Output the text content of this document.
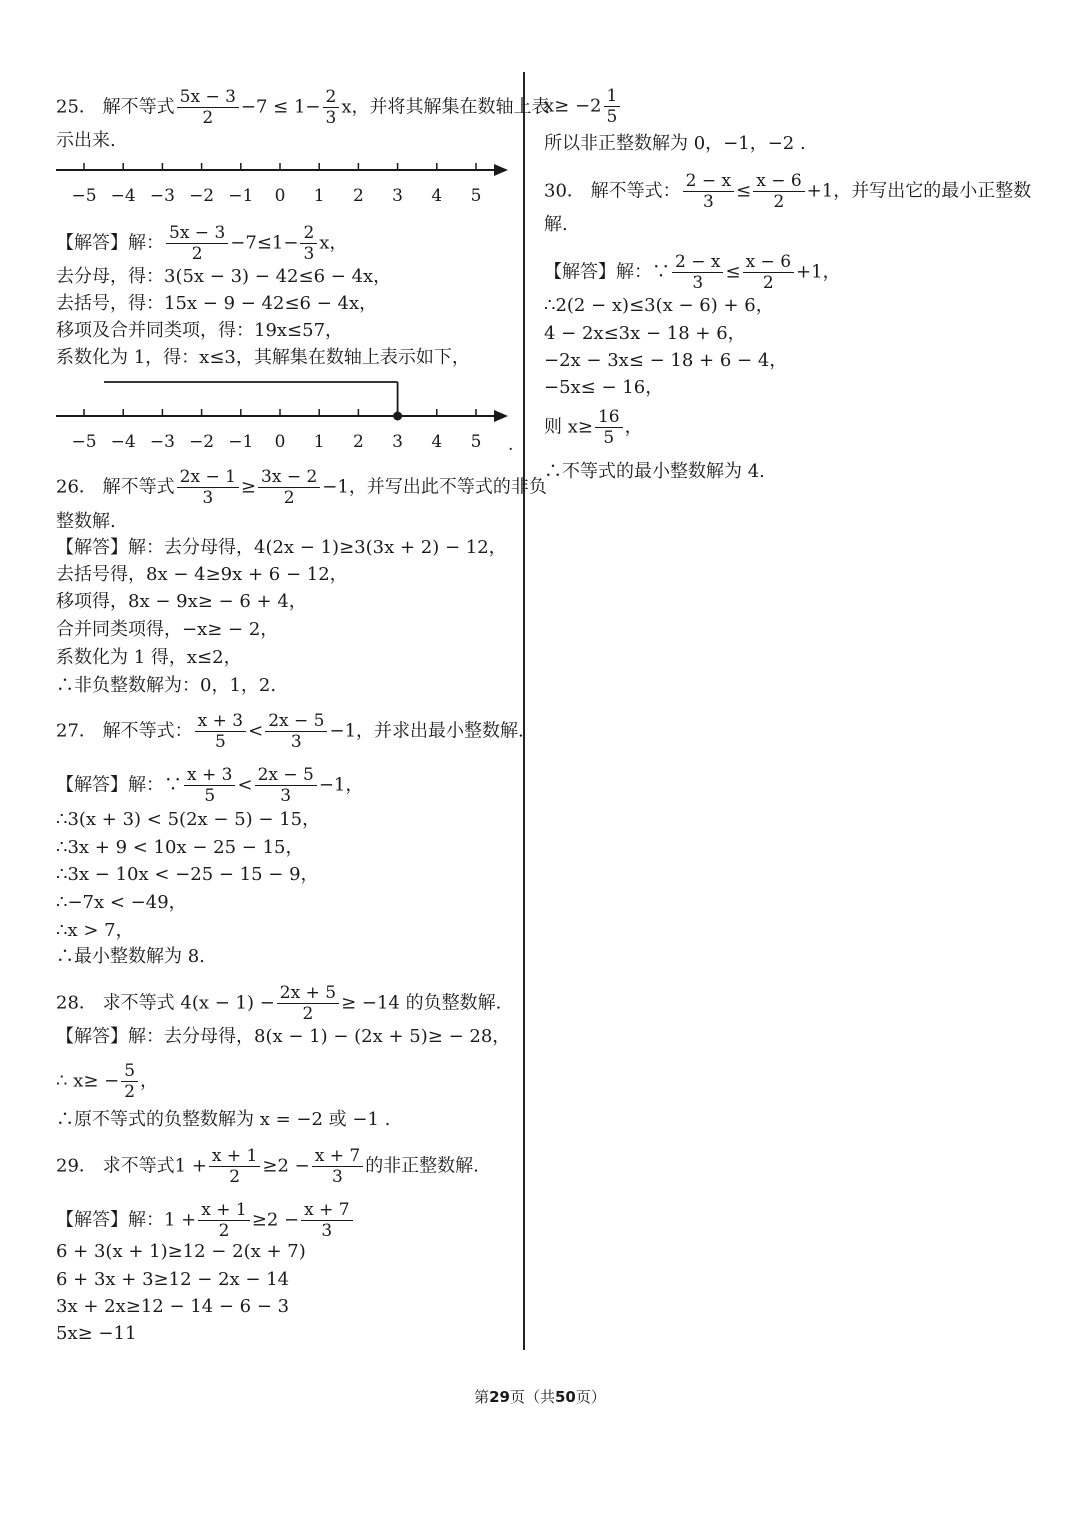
25． 解不等式 $\frac{5x - 3}{2} -7 \le 1- \frac{2}{3}$ x，并将其解集在数轴上表
示出来.
−5 −4 −3 −2 −1 0 1 2 3 4 5
【解答】解： $\frac{5x - 3}{2} -7\le 1- \frac{2}{3}$ x，
去分母，得：3(5x − 3) − 42≤6 − 4x，
去括号，得：15x − 9 − 42≤6 − 4x，
移项及合并同类项，得：19x≤57，
系数化为 1，得：x≤3，其解集在数轴上表示如下，
−5 −4 −3 −2 −1 0 1 2 3 4 5 .
26． 解不等式 $\frac{2x - 1}{3} \ge \frac{3x - 2}{2} -1$，并写出此不等式的非负
整数解.
【解答】解：去分母得，4(2x − 1)≥3(3x + 2) − 12，
去括号得，8x − 4≥9x + 6 − 12，
移项得，8x − 9x≥ − 6 + 4，
合并同类项得，−x≥ − 2，
系数化为 1 得，x≤2，
∴非负整数解为：0，1，2.
27． 解不等式： $\frac{x + 3}{5} < \frac{2x - 5}{3} -1$，并求出最小整数解.
【解答】解：∵ $\frac{x + 3}{5} < \frac{2x - 5}{3} -1$，
∴3(x + 3) < 5(2x − 5) − 15，
∴3x + 9 < 10x − 25 − 15，
∴3x − 10x < −25 − 15 − 9，
∴−7x < −49，
∴x > 7，
∴最小整数解为 8.
28． 求不等式 $4(x - 1) - \frac{2x + 5}{2} \ge -14$ 的负整数解.
【解答】解：去分母得，8(x − 1) − (2x + 5)≥ − 28，
∴ $x\ge - \frac{5}{2}$ ，
∴原不等式的负整数解为 x = −2 或 −1 .
29． 求不等式$1 + \frac{x + 1}{2} \ge 2 - \frac{x + 7}{3}$ 的非正整数解.
【解答】解：$1 + \frac{x + 1}{2} \ge 2 - \frac{x + 7}{3}$
6 + 3(x + 1)≥12 − 2(x + 7)
6 + 3x + 3≥12 − 2x − 14
3x + 2x≥12 − 14 − 6 − 3
5x≥ −11
$x\ge -2 \frac{1}{5}$
所以非正整数解为 0，−1，−2 .
30． 解不等式： $\frac{2 - x}{3} \le \frac{x - 6}{2} +1$，并写出它的最小正整数
解.
【解答】解：∵ $\frac{2 - x}{3} \le \frac{x - 6}{2} +1$，
∴2(2 − x)≤3(x − 6) + 6，
4 − 2x≤3x − 18 + 6，
−2x − 3x≤ − 18 + 6 − 4，
−5x≤ − 16，
则 $x\ge \frac{16}{5}$ ，
∴不等式的最小整数解为 4.
第29页（共50页）
